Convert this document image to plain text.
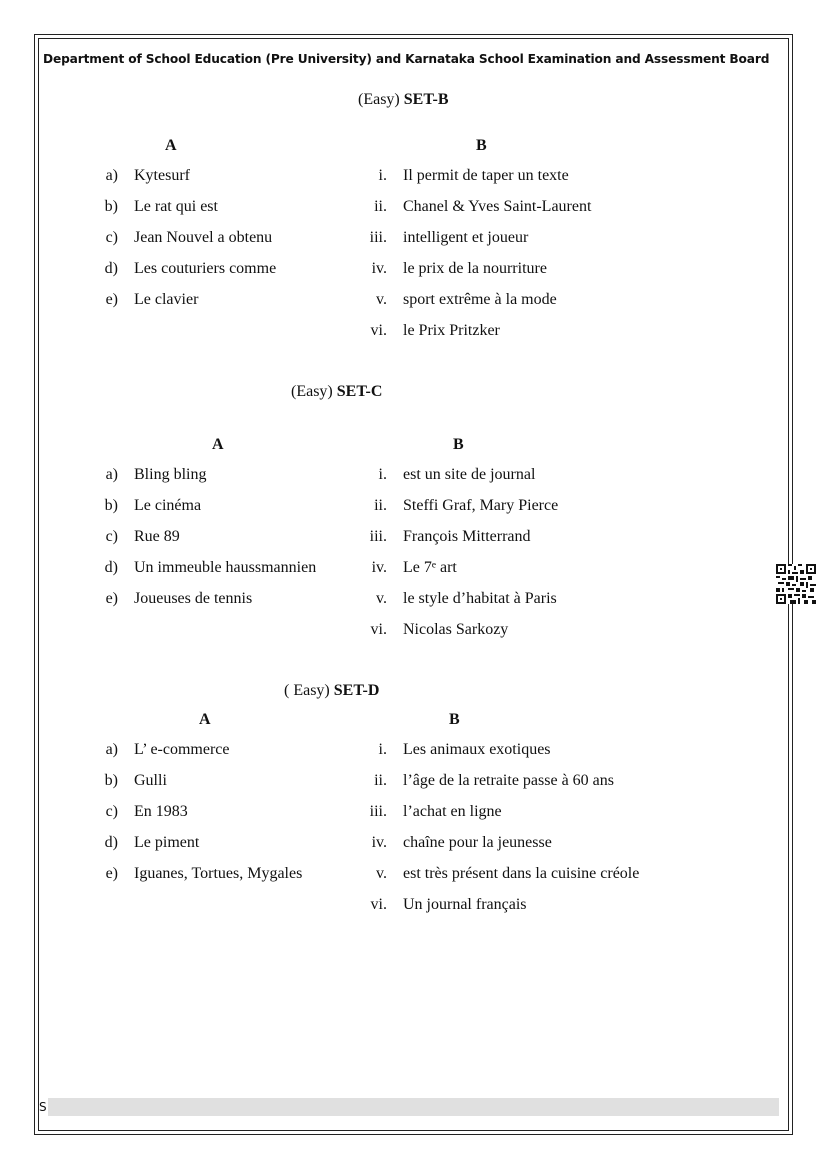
Department of School Education (Pre University) and Karnataka School Examination and Assessment Board
(Easy) SET-B
A	B
a) Kytesurf	i. Il permit de taper un texte
b) Le rat qui est	ii. Chanel & Yves Saint-Laurent
c) Jean Nouvel a obtenu	iii. intelligent et joueur
d) Les couturiers comme	iv. le prix de la nourriture
e) Le clavier	v. sport extrême à la mode
vi. le Prix Pritzker
(Easy) SET-C
A	B
a) Bling bling	i. est un site de journal
b) Le cinéma	ii. Steffi Graf, Mary Pierce
c) Rue 89	iii. François Mitterrand
d) Un immeuble haussmannien	iv. Le 7ᵉ art
e) Joueuses de tennis	v. le style d’habitat à Paris
vi. Nicolas Sarkozy
( Easy) SET-D
A	B
a) L’ e-commerce	i. Les animaux exotiques
b) Gulli	ii. l’âge de la retraite passe à 60 ans
c) En 1983	iii. l’achat en ligne
d) Le piment	iv. chaîne pour la jeunesse
e) Iguanes, Tortues, Mygales	v. est très présent dans la cuisine créole
vi. Un journal français
S
